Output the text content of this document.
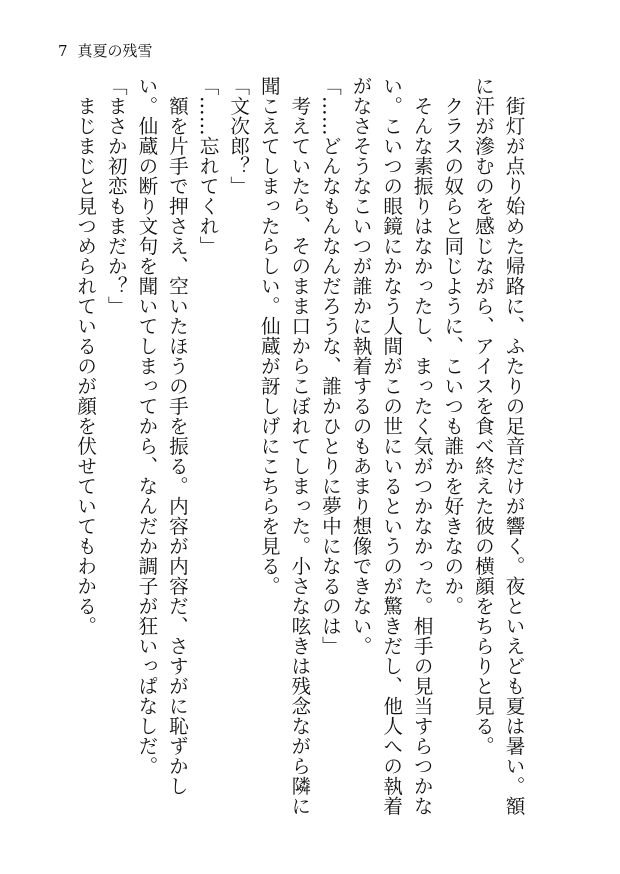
7 真夏の残雪

街灯が点り始めた帰路に、ふたりの足音だけが響く。夜といえども夏は暑い。額に汗が滲むのを感じながら、アイスを食べ終えた彼の横顔をちらりと見る。

クラスの奴らと同じように、こいつも誰かを好きなのか。

そんな素振りはなかったし、まったく気がつかなかった。相手の見当すらつかない。こいつの眼鏡にかなう人間がこの世にいるというのが驚きだし、他人への執着がなさそうなこいつが誰かに執着するのもあまり想像できない。

「……どんなもんなんだろうな、誰かひとりに夢中になるのは」

考えていたら、そのまま口からこぼれてしまった。小さな呟きは残念ながら隣に聞こえてしまったらしい。仙蔵が訝しげにこちらを見る。

「文次郎？」

「……忘れてくれ」

額を片手で押さえ、空いたほうの手を振る。内容が内容だ、さすがに恥ずかしい。仙蔵の断り文句を聞いてしまってから、なんだか調子が狂いっぱなしだ。

「まさか初恋もまだか？」

まじまじと見つめられているのが顔を伏せていてもわかる。
